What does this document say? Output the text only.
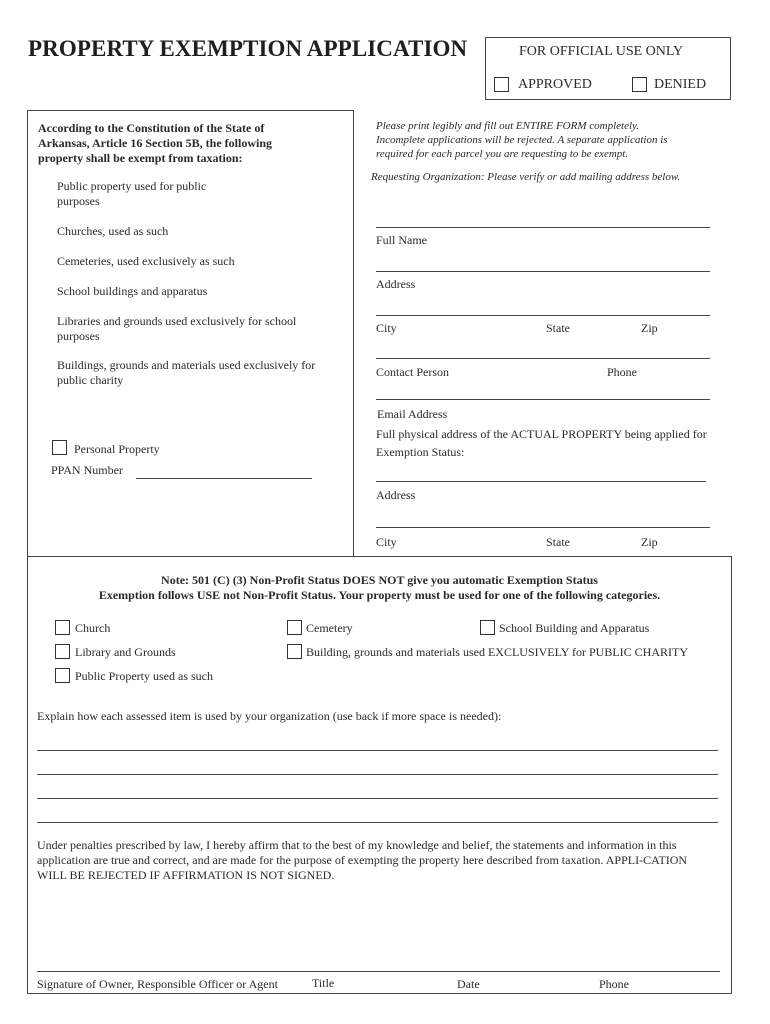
PROPERTY EXEMPTION APPLICATION	FOR OFFICIAL USE ONLY
APPROVED	DENIED
According to the Constitution of the State of Arkansas, Article 16 Section 5B, the following property shall be exempt from taxation:
Public property used for public purposes
Churches, used as such
Cemeteries, used exclusively as such
School buildings and apparatus
Libraries and grounds used exclusively for school purposes
Buildings, grounds and materials used exclusively for public charity
Personal Property
PPAN Number
Please print legibly and fill out ENTIRE FORM completely. Incomplete applications will be rejected. A separate application is required for each parcel you are requesting to be exempt.
Requesting Organization: Please verify or add mailing address below.
Full Name
Address
City	State	Zip
Contact Person	Phone
Email Address
Full physical address of the ACTUAL PROPERTY being applied for Exemption Status:
Address
City	State	Zip
Note: 501 (C) (3) Non-Profit Status DOES NOT give you automatic Exemption Status
Exemption follows USE not Non-Profit Status. Your property must be used for one of the following categories.
Church	Cemetery	School Building and Apparatus
Library and Grounds	Building, grounds and materials used EXCLUSIVELY for PUBLIC CHARITY
Public Property used as such
Explain how each assessed item is used by your organization (use back if more space is needed):
Under penalties prescribed by law, I hereby affirm that to the best of my knowledge and belief, the statements and information in this application are true and correct, and are made for the purpose of exempting the property here described from taxation. APPLI-CATION WILL BE REJECTED IF AFFIRMATION IS NOT SIGNED.
Signature of Owner, Responsible Officer or Agent	Title	Date	Phone
